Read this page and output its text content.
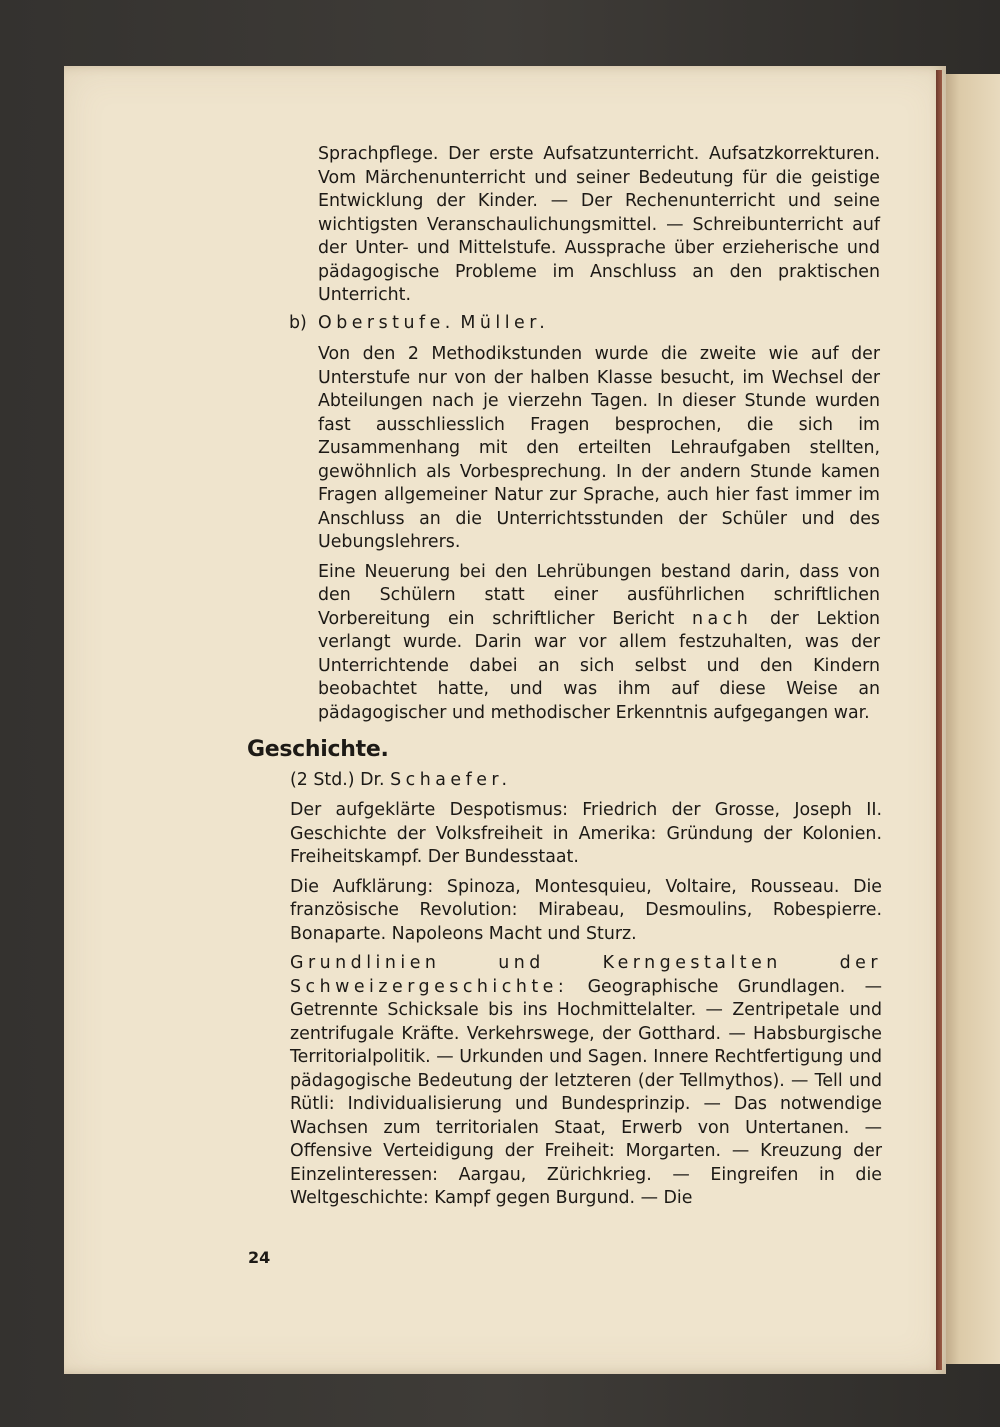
Sprachpflege. Der erste Aufsatzunterricht. Aufsatzkorrekturen. Vom Märchenunterricht und seiner Bedeutung für die geistige Entwicklung der Kinder. — Der Rechenunterricht und seine wichtigsten Veranschaulichungsmittel. — Schreibunterricht auf der Unter- und Mittelstufe. Aussprache über erzieherische und pädagogische Probleme im Anschluss an den praktischen Unterricht.

b) Oberstufe. Müller.

Von den 2 Methodikstunden wurde die zweite wie auf der Unterstufe nur von der halben Klasse besucht, im Wechsel der Abteilungen nach je vierzehn Tagen. In dieser Stunde wurden fast ausschliesslich Fragen besprochen, die sich im Zusammenhang mit den erteilten Lehraufgaben stellten, gewöhnlich als Vorbesprechung. In der andern Stunde kamen Fragen allgemeiner Natur zur Sprache, auch hier fast immer im Anschluss an die Unterrichtsstunden der Schüler und des Uebungslehrers.

Eine Neuerung bei den Lehrübungen bestand darin, dass von den Schülern statt einer ausführlichen schriftlichen Vorbereitung ein schriftlicher Bericht nach der Lektion verlangt wurde. Darin war vor allem festzuhalten, was der Unterrichtende dabei an sich selbst und den Kindern beobachtet hatte, und was ihm auf diese Weise an pädagogischer und methodischer Erkenntnis aufgegangen war.

Geschichte.
(2 Std.) Dr. Schaefer.

Der aufgeklärte Despotismus: Friedrich der Grosse, Joseph II. Geschichte der Volksfreiheit in Amerika: Gründung der Kolonien. Freiheitskampf. Der Bundesstaat.

Die Aufklärung: Spinoza, Montesquieu, Voltaire, Rousseau. Die französische Revolution: Mirabeau, Desmoulins, Robespierre. Bonaparte. Napoleons Macht und Sturz.

Grundlinien und Kerngestalten der Schweizergeschichte: Geographische Grundlagen. — Getrennte Schicksale bis ins Hochmittelalter. — Zentripetale und zentrifugale Kräfte. Verkehrswege, der Gotthard. — Habsburgische Territorialpolitik. — Urkunden und Sagen. Innere Rechtfertigung und pädagogische Bedeutung der letzteren (der Tellmythos). — Tell und Rütli: Individualisierung und Bundesprinzip. — Das notwendige Wachsen zum territorialen Staat, Erwerb von Untertanen. — Offensive Verteidigung der Freiheit: Morgarten. — Kreuzung der Einzelinteressen: Aargau, Zürichkrieg. — Eingreifen in die Weltgeschichte: Kampf gegen Burgund. — Die

24
